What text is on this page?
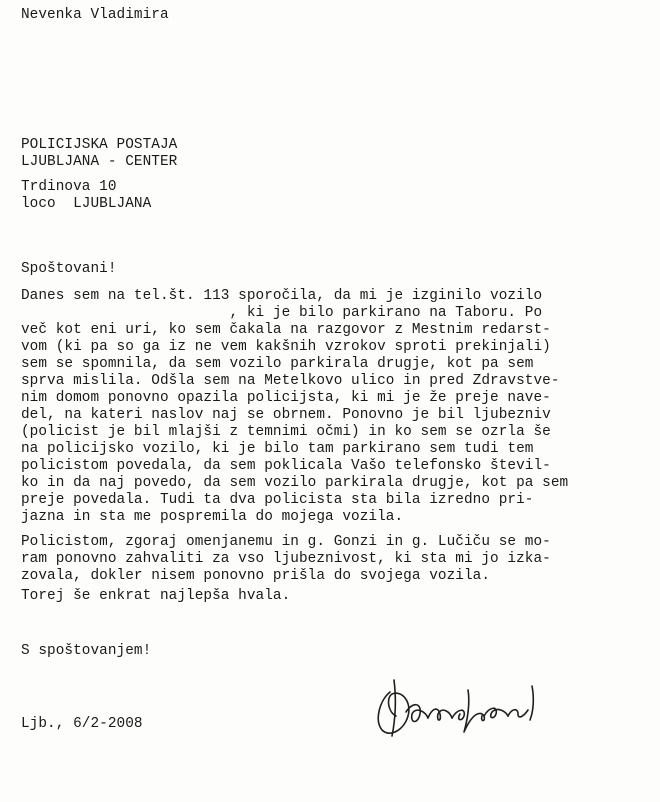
Nevenka Vladimira
POLICIJSKA POSTAJA
LJUBLJANA - CENTER
Trdinova 10
loco  LJUBLJANA
Spoštovani!
Danes sem na tel.št. 113 sporočila, da mi je izginilo vozilo
, ki je bilo parkirano na Taboru. Po
več kot eni uri, ko sem čakala na razgovor z Mestnim redarst-
vom (ki pa so ga iz ne vem kakšnih vzrokov sproti prekinjali)
sem se spomnila, da sem vozilo parkirala drugje, kot pa sem
sprva mislila. Odšla sem na Metelkovo ulico in pred Zdravstve-
nim domom ponovno opazila policijsta, ki mi je že preje nave-
del, na kateri naslov naj se obrnem. Ponovno je bil ljubezniv
(policist je bil mlajši z temnimi očmi) in ko sem se ozrla še
na policijsko vozilo, ki je bilo tam parkirano sem tudi tem
policistom povedala, da sem poklicala Vašo telefonsko števil-
ko in da naj povedo, da sem vozilo parkirala drugje, kot pa sem
preje povedala. Tudi ta dva policista sta bila izredno pri-
jazna in sta me pospremila do mojega vozila.
Policistom, zgoraj omenjanemu in g. Gonzi in g. Lučiču se mo-
ram ponovno zahvaliti za vso ljubeznivost, ki sta mi jo izka-
zovala, dokler nisem ponovno prišla do svojega vozila.
Torej še enkrat najlepša hvala.
S spoštovanjem!
Ljb., 6/2-2008
